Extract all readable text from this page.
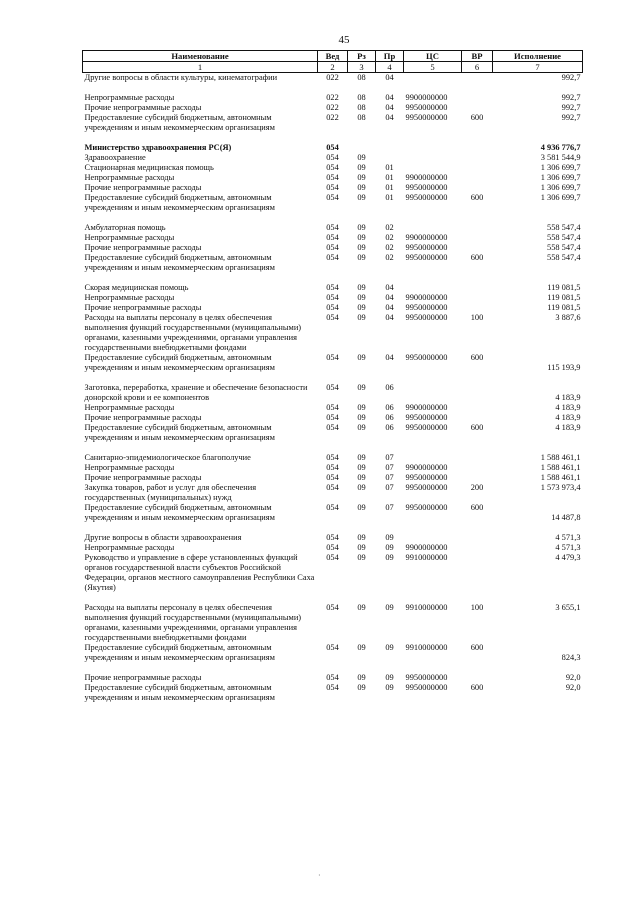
45
Наименование	Вед	Рз	Пр	ЦС	ВР	Исполнение
1	2	3	4	5	6	7
Другие вопросы в области культуры, кинематографии	022	08	04			992,7

Непрограммные расходы	022	08	04	9900000000		992,7
Прочие непрограммные расходы	022	08	04	9950000000		992,7
Предоставление субсидий бюджетным, автономным учреждениям и иным некоммерческим организациям	022	08	04	9950000000	600	992,7

Министерство здравоохранения РС(Я)	054					4 936 776,7
Здравоохранение	054	09				3 581 544,9
Стационарная медицинская помощь	054	09	01			1 306 699,7
Непрограммные расходы	054	09	01	9900000000		1 306 699,7
Прочие непрограммные расходы	054	09	01	9950000000		1 306 699,7
Предоставление субсидий бюджетным, автономным учреждениям и иным некоммерческим организациям	054	09	01	9950000000	600	1 306 699,7

Амбулаторная помощь	054	09	02			558 547,4
Непрограммные расходы	054	09	02	9900000000		558 547,4
Прочие непрограммные расходы	054	09	02	9950000000		558 547,4
Предоставление субсидий бюджетным, автономным учреждениям и иным некоммерческим организациям	054	09	02	9950000000	600	558 547,4

Скорая медицинская помощь	054	09	04			119 081,5
Непрограммные расходы	054	09	04	9900000000		119 081,5
Прочие непрограммные расходы	054	09	04	9950000000		119 081,5
Расходы на выплаты персоналу в целях обеспечения выполнения функций государственными (муниципальными) органами, казенными учреждениями, органами управления государственными внебюджетными фондами	054	09	04	9950000000	100	3 887,6
Предоставление субсидий бюджетным, автономным учреждениям и иным некоммерческим организациям	054	09	04	9950000000	600	115 193,9

Заготовка, переработка, хранение и обеспечение безопасности донорской крови и ее компонентов	054	09	06			4 183,9
Непрограммные расходы	054	09	06	9900000000		4 183,9
Прочие непрограммные расходы	054	09	06	9950000000		4 183,9
Предоставление субсидий бюджетным, автономным учреждениям и иным некоммерческим организациям	054	09	06	9950000000	600	4 183,9

Санитарно-эпидемиологическое благополучие	054	09	07			1 588 461,1
Непрограммные расходы	054	09	07	9900000000		1 588 461,1
Прочие непрограммные расходы	054	09	07	9950000000		1 588 461,1
Закупка товаров, работ и услуг для обеспечения государственных (муниципальных) нужд	054	09	07	9950000000	200	1 573 973,4
Предоставление субсидий бюджетным, автономным учреждениям и иным некоммерческим организациям	054	09	07	9950000000	600	14 487,8

Другие вопросы в области здравоохранения	054	09	09			4 571,3
Непрограммные расходы	054	09	09	9900000000		4 571,3
Руководство и управление в сфере установленных функций органов государственной власти субъектов Российской Федерации, органов местного самоуправления Республики Саха (Якутия)	054	09	09	9910000000		4 479,3

Расходы на выплаты персоналу в целях обеспечения выполнения функций государственными (муниципальными) органами, казенными учреждениями, органами управления государственными внебюджетными фондами	054	09	09	9910000000	100	3 655,1
Предоставление субсидий бюджетным, автономным учреждениям и иным некоммерческим организациям	054	09	09	9910000000	600	824,3

Прочие непрограммные расходы	054	09	09	9950000000		92,0
Предоставление субсидий бюджетным, автономным учреждениям и иным некоммерческим организациям	054	09	09	9950000000	600	92,0
·
